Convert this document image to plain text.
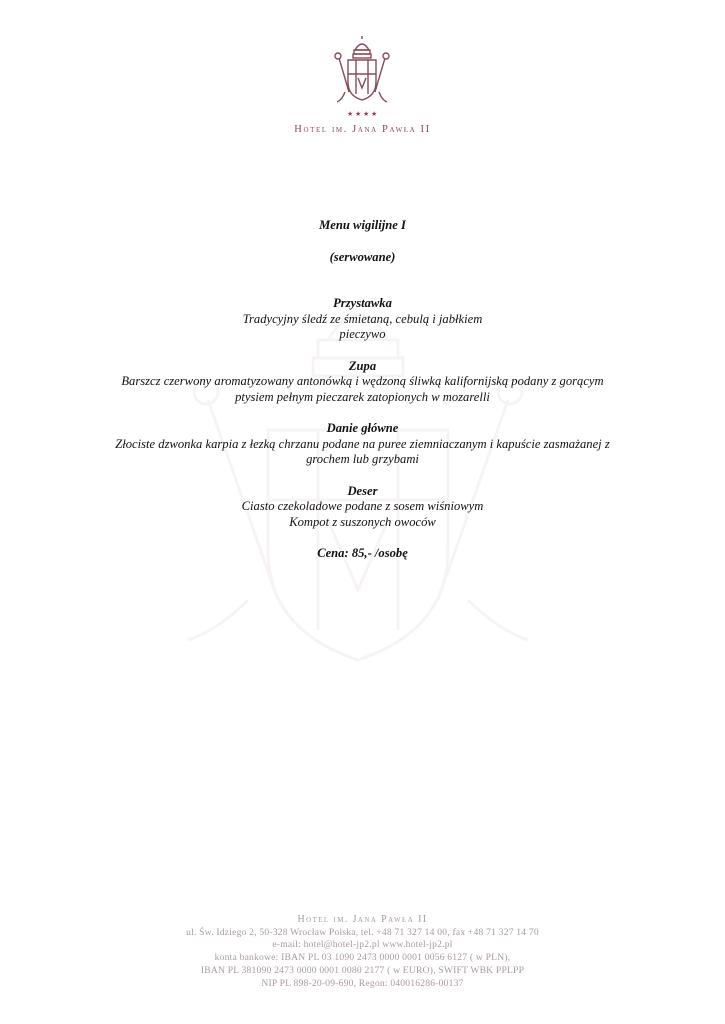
★ ★ ★ ★
Hotel im. Jana Pawła II

Menu wigilijne I

(serwowane)

Przystawka

Tradycyjny śledź ze śmietaną, cebulą i jabłkiem

pieczywo

Zupa

Barszcz czerwony aromatyzowany antonówką i wędzoną śliwką kalifornijską podany z gorącym

ptysiem pełnym pieczarek zatopionych w mozarelli

Danie główne

Złociste dzwonka karpia z łezką chrzanu podane na puree ziemniaczanym i kapuście zasmażanej z

grochem lub grzybami

Deser

Ciasto czekoladowe podane z sosem wiśniowym

Kompot z suszonych owoców

Cena: 85,- /osobę

Hotel im. Jana Pawła II
ul. Św. Idziego 2, 50-328 Wrocław Polska, tel. +48 71 327 14 00, fax +48 71 327 14 70
e-mail: hotel@hotel-jp2.pl www.hotel-jp2.pl
konta bankowe: IBAN PL 03 1090 2473 0000 0001 0056 6127 ( w PLN),
IBAN PL 381090 2473 0000 0001 0080 2177 ( w EURO), SWIFT WBK PPLPP
NIP PL 898-20-09-690, Regon: 040016286-00137
